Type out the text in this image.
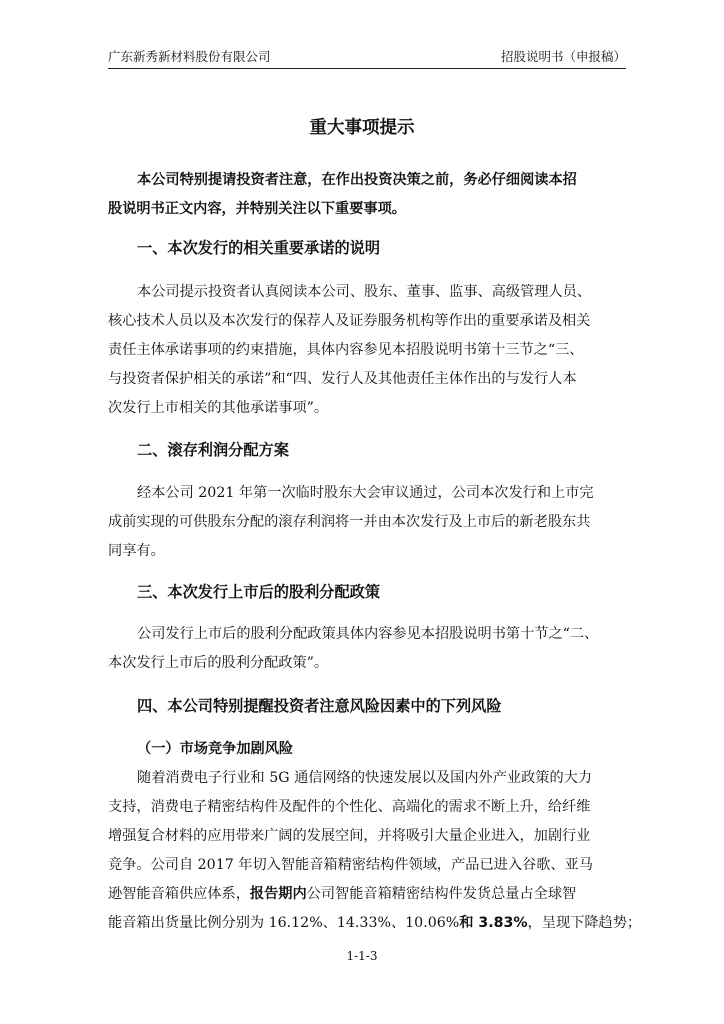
广东新秀新材料股份有限公司	招股说明书（申报稿）
重大事项提示
本公司特别提请投资者注意，在作出投资决策之前，务必仔细阅读本招
股说明书正文内容，并特别关注以下重要事项。
一、本次发行的相关重要承诺的说明
本公司提示投资者认真阅读本公司、股东、董事、监事、高级管理人员、
核心技术人员以及本次发行的保荐人及证券服务机构等作出的重要承诺及相关
责任主体承诺事项的约束措施，具体内容参见本招股说明书第十三节之“三、
与投资者保护相关的承诺”和“四、发行人及其他责任主体作出的与发行人本
次发行上市相关的其他承诺事项”。
二、滚存利润分配方案
经本公司 2021 年第一次临时股东大会审议通过，公司本次发行和上市完
成前实现的可供股东分配的滚存利润将一并由本次发行及上市后的新老股东共
同享有。
三、本次发行上市后的股利分配政策
公司发行上市后的股利分配政策具体内容参见本招股说明书第十节之“二、
本次发行上市后的股利分配政策”。
四、本公司特别提醒投资者注意风险因素中的下列风险
（一）市场竞争加剧风险
随着消费电子行业和 5G 通信网络的快速发展以及国内外产业政策的大力
支持，消费电子精密结构件及配件的个性化、高端化的需求不断上升，给纤维
增强复合材料的应用带来广阔的发展空间，并将吸引大量企业进入，加剧行业
竞争。公司自 2017 年切入智能音箱精密结构件领域，产品已进入谷歌、亚马
逊智能音箱供应体系，报告期内公司智能音箱精密结构件发货总量占全球智
能音箱出货量比例分别为 16.12%、14.33%、10.06%和 3.83%，呈现下降趋势；
1-1-3
